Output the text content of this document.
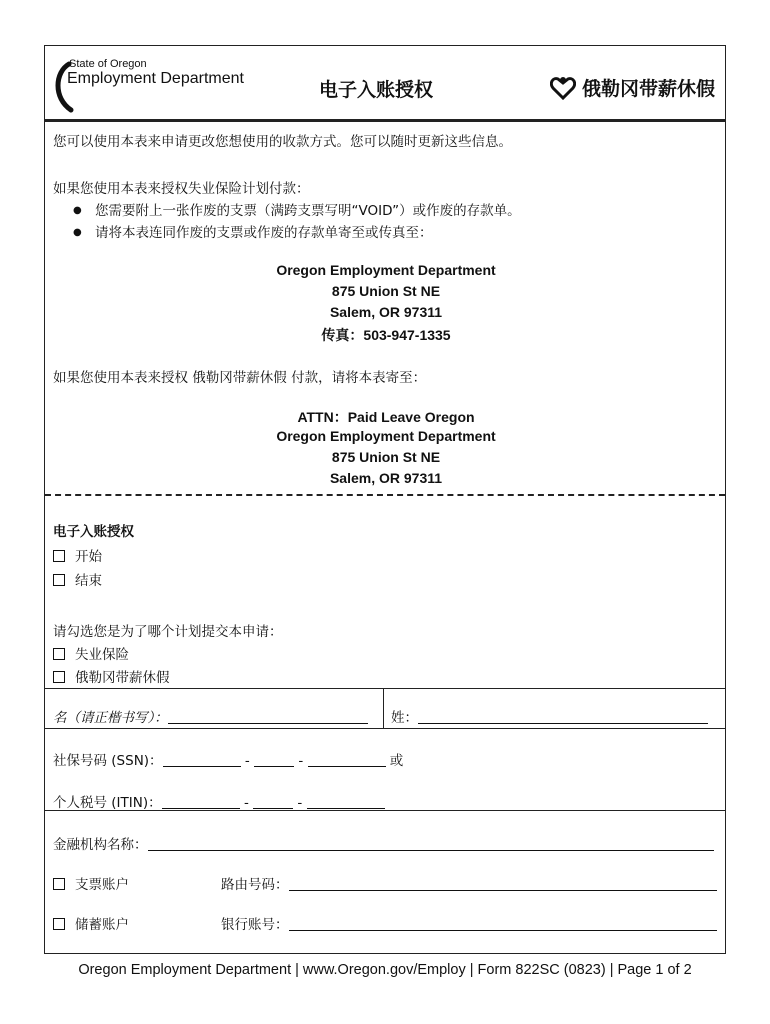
State of Oregon
Employment Department
电子入账授权	俄勒冈带薪休假
您可以使用本表来申请更改您想使用的收款方式。您可以随时更新这些信息。
如果您使用本表来授权失业保险计划付款：
● 您需要附上一张作废的支票（满跨支票写明“VOID”）或作废的存款单。
● 请将本表连同作废的支票或作废的存款单寄至或传真至：
Oregon Employment Department
875 Union St NE
Salem, OR 97311
传真：503-947-1335
如果您使用本表来授权 俄勒冈带薪休假 付款，请将本表寄至：
ATTN：Paid Leave Oregon
Oregon Employment Department
875 Union St NE
Salem, OR 97311
电子入账授权
开始
结束
请勾选您是为了哪个计划提交本申请：
失业保险
俄勒冈带薪休假
名（请正楷书写）：	姓：
社保号码 (SSN)：	-	-	或
个人税号 (ITIN)：	-	-
金融机构名称：
支票账户	路由号码：
储蓄账户	银行账号：
Oregon Employment Department | www.Oregon.gov/Employ | Form 822SC (0823) | Page 1 of 2
